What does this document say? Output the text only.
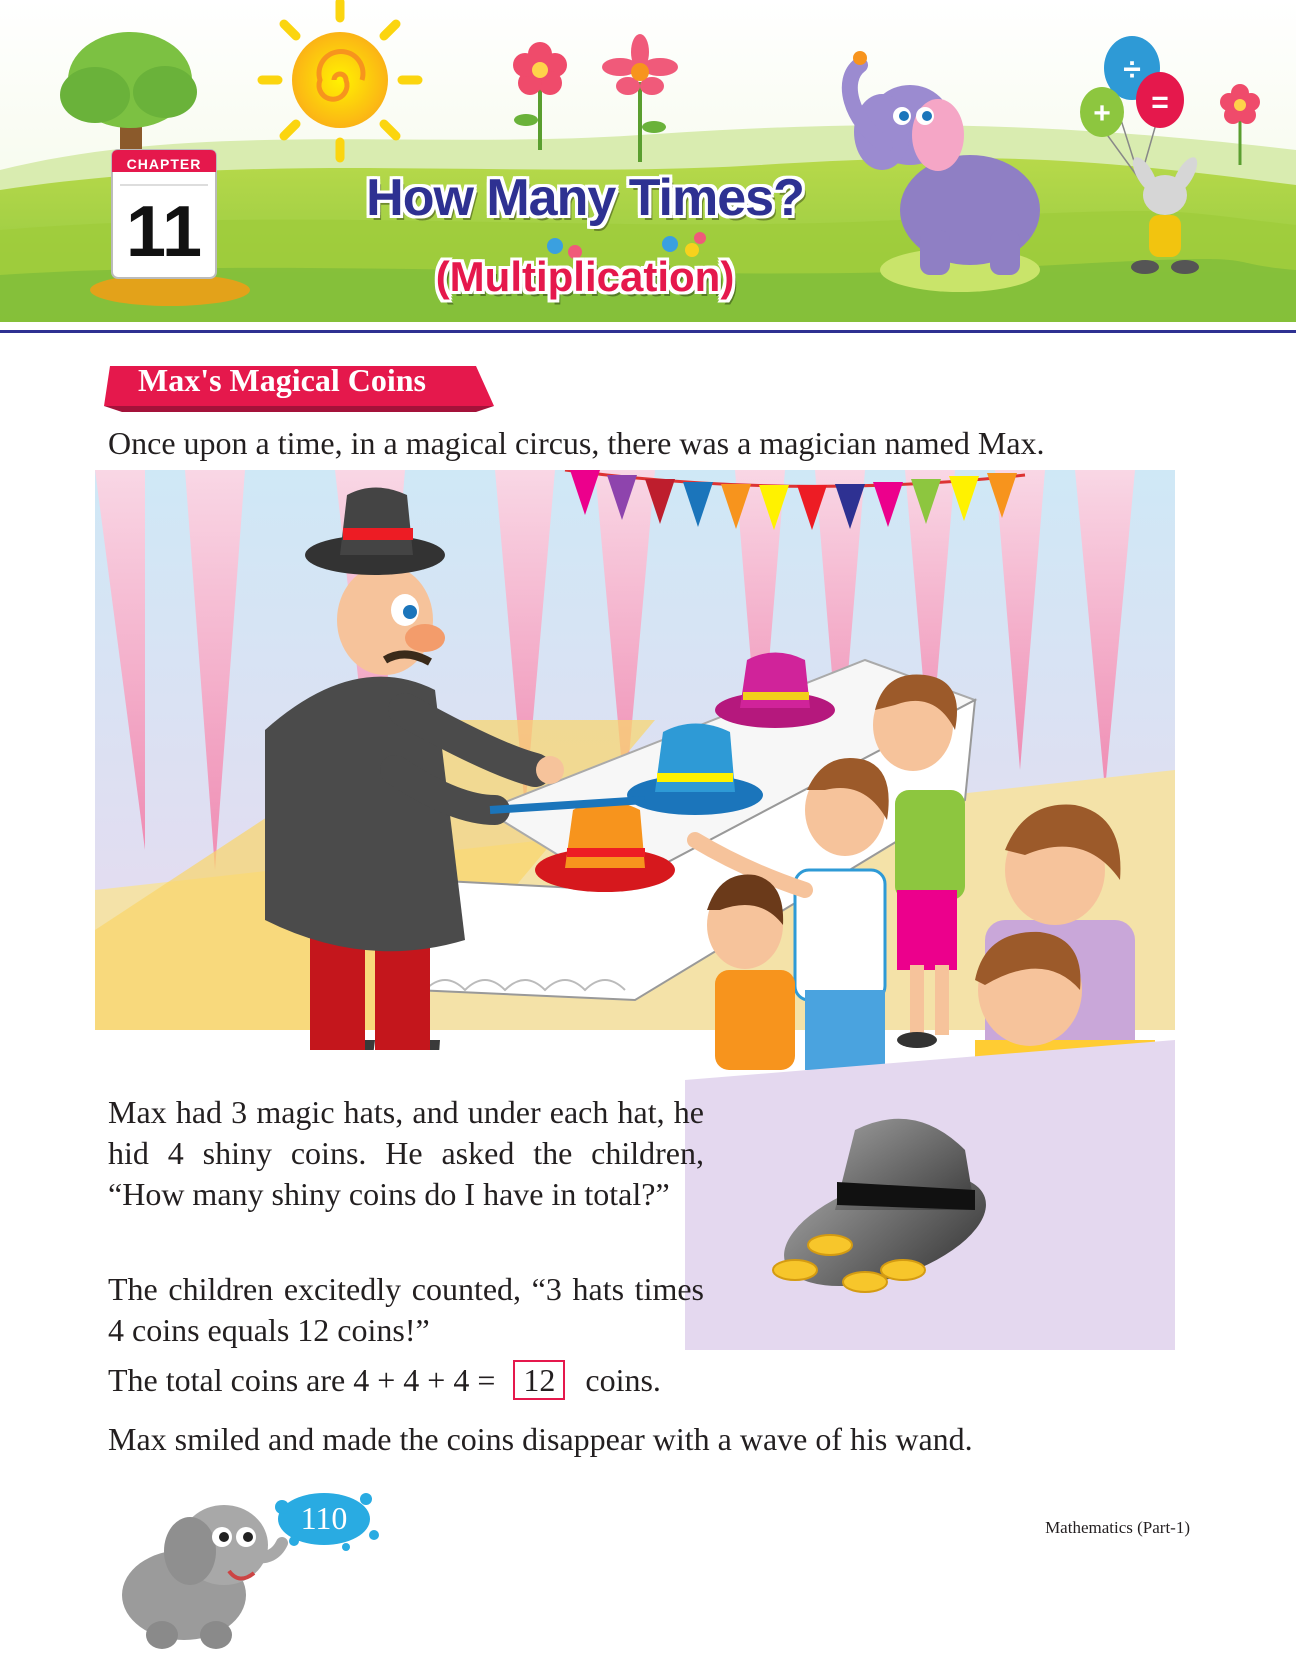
CHAPTER
11
÷
=
+
How Many Times?
(Multiplication)
Max's Magical Coins
Once upon a time, in a magical circus, there was a magician named Max.
Max had 3 magic hats, and under each hat, he hid 4 shiny coins. He asked the children, “How many shiny coins do I have in total?”
The children excitedly counted, “3 hats times 4 coins equals 12 coins!”
The total coins are 4 + 4 + 4 = 12 coins.
Max smiled and made the coins disappear with a wave of his wand.
110	Mathematics (Part-1)
